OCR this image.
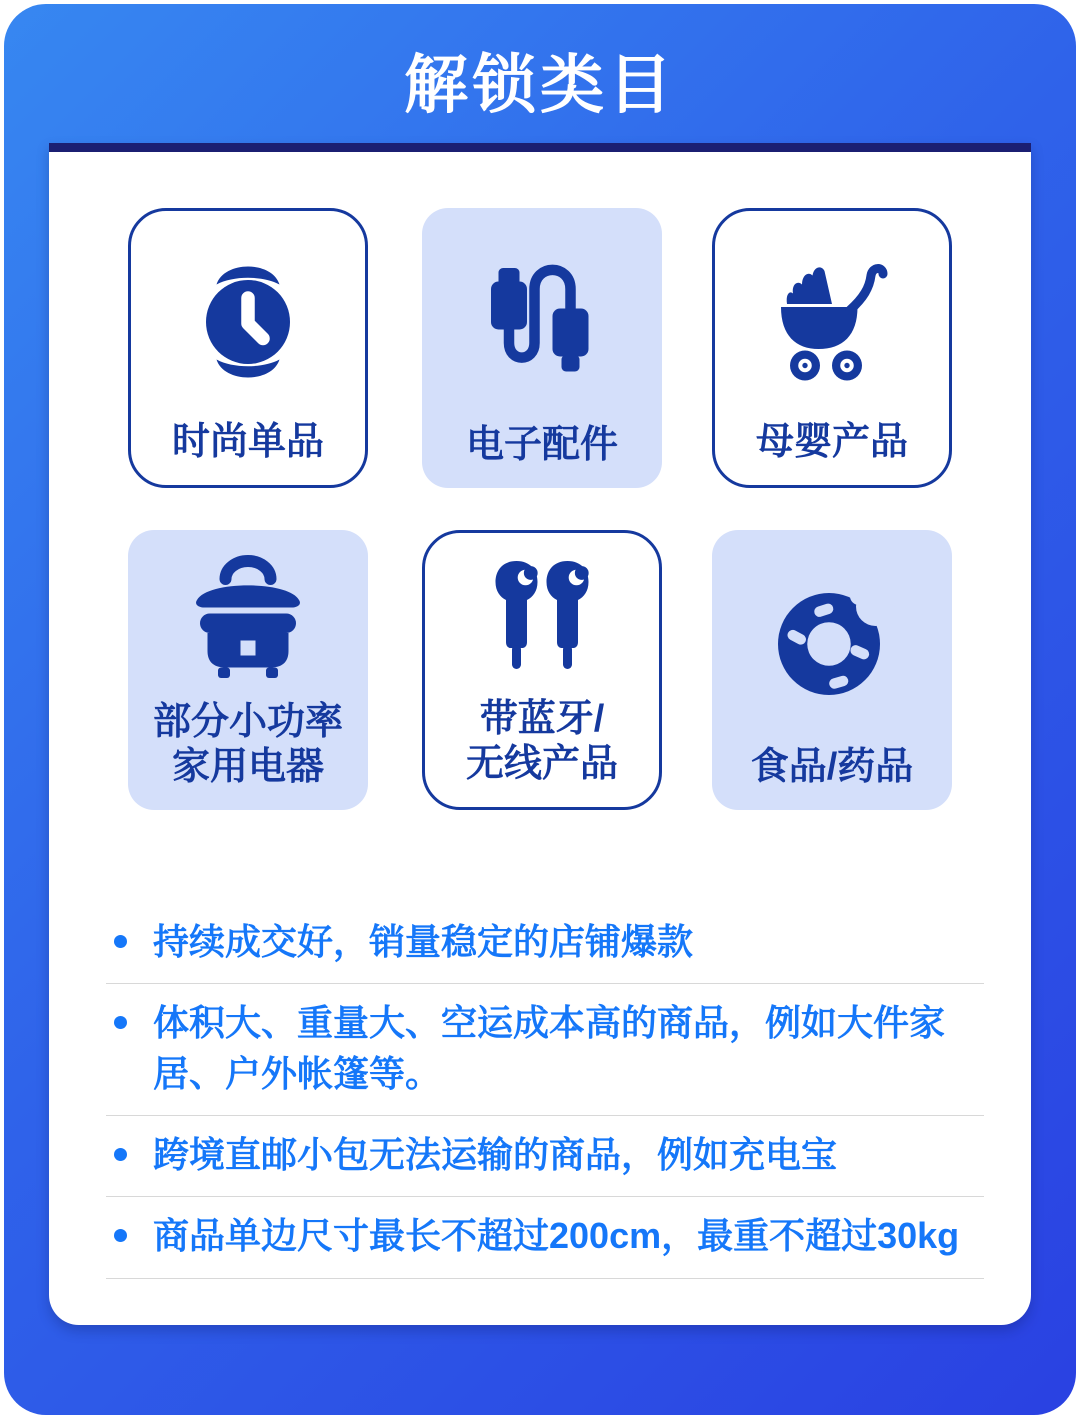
解锁类目
时尚单品	电子配件	母婴产品
部分小功率
家用电器
带蓝牙/
无线产品	食品/药品
持续成交好，销量稳定的店铺爆款
体积大、重量大、空运成本高的商品，例如大件家居、户外帐篷等。
跨境直邮小包无法运输的商品，例如充电宝
商品单边尺寸最长不超过200cm，最重不超过30kg
